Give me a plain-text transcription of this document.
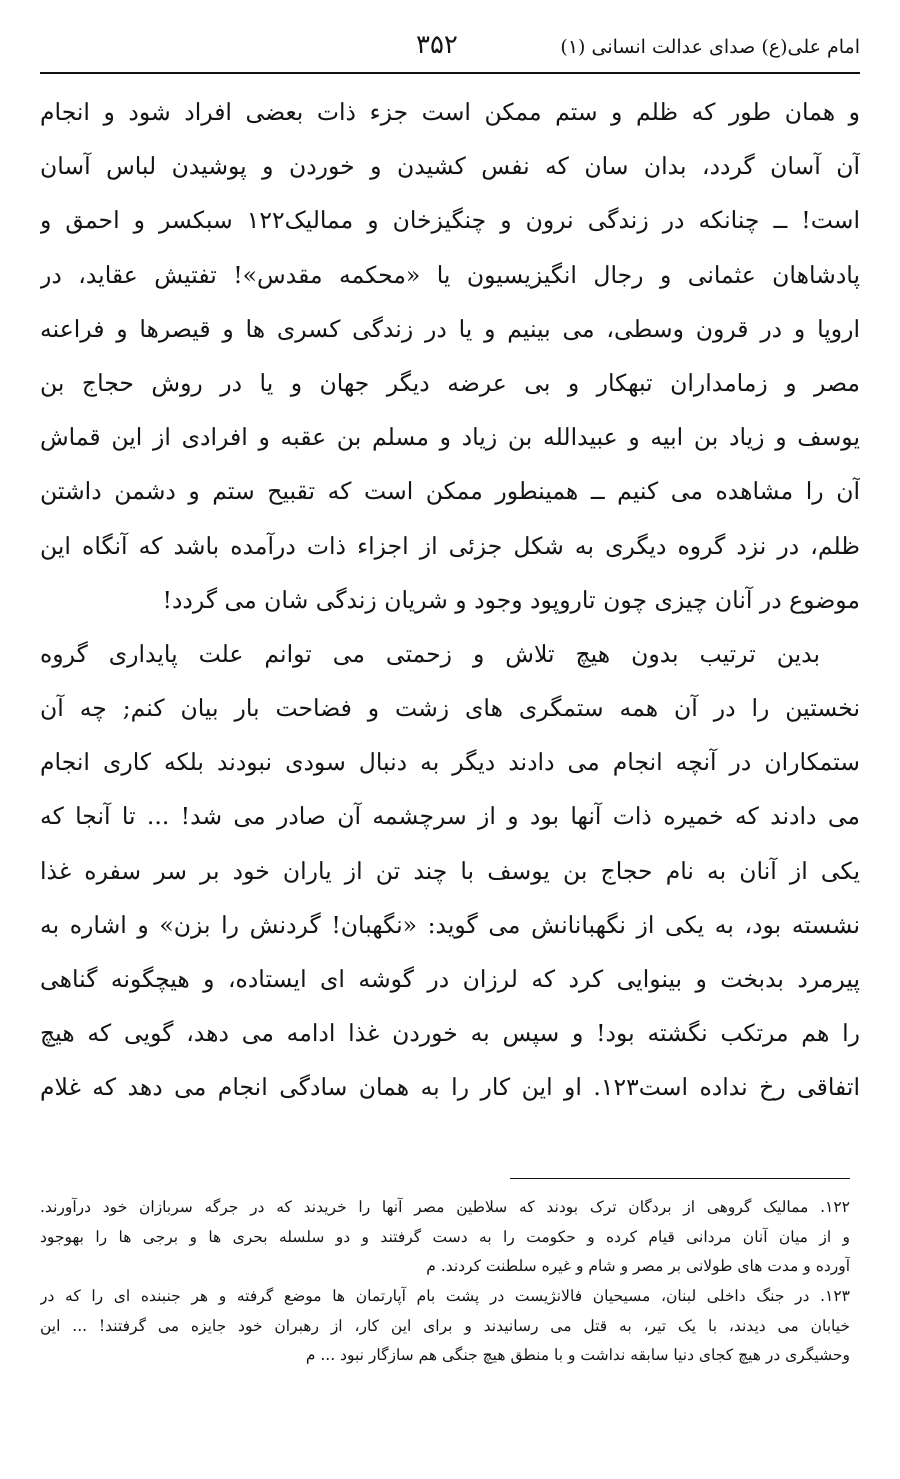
امام علی(ع) صدای عدالت انسانی (۱)
۳۵۲
و همان طور که ظلم و ستم ممکن است جزء ذات بعضی افراد شود و انجام
آن آسان گردد، بدان سان که نفس کشیدن و خوردن و پوشیدن لباس آسان
است! ــ چنانکه در زندگی نرون و چنگیزخان و ممالیک۱۲۲ سبکسر و احمق و
پادشاهان عثمانی و رجال انگیزیسیون یا «محکمه مقدس»! تفتیش عقاید، در
اروپا و در قرون وسطی، می بینیم و یا در زندگی کسری ها و قیصرها و فراعنه
مصر و زمامداران تبهکار و بی عرضه دیگر جهان و یا در روش حجاج بن
یوسف و زیاد بن ابیه و عبیدالله بن زیاد و مسلم بن عقبه و افرادی از این قماش
آن را مشاهده می کنیم ــ همینطور ممکن است که تقبیح ستم و دشمن داشتن
ظلم، در نزد گروه دیگری به شکل جزئی از اجزاء ذات درآمده باشد که آنگاه این
موضوع در آنان چیزی چون تاروپود وجود و شریان زندگی شان می گردد!
بدین ترتیب بدون هیچ تلاش و زحمتی می توانم علت پایداری گروه
نخستین را در آن همه ستمگری های زشت و فضاحت بار بیان کنم; چه آن
ستمکاران در آنچه انجام می دادند دیگر به دنبال سودی نبودند بلکه کاری انجام
می دادند که خمیره ذات آنها بود و از سرچشمه آن صادر می شد! ... تا آنجا که
یکی از آنان به نام حجاج بن یوسف با چند تن از یاران خود بر سر سفره غذا
نشسته بود، به یکی از نگهبانانش می گوید: «نگهبان! گردنش را بزن» و اشاره به
پیرمرد بدبخت و بینوایی کرد که لرزان در گوشه ای ایستاده، و هیچگونه گناهی
را هم مرتکب نگشته بود! و سپس به خوردن غذا ادامه می دهد، گویی که هیچ
اتفاقی رخ نداده است۱۲۳. او این کار را به همان سادگی انجام می دهد که غلام
۱۲۲. ممالیک گروهی از بردگان ترک بودند که سلاطین مصر آنها را خریدند که در جرگه سربازان خود درآورند.
و از میان آنان مردانی قیام کرده و حکومت را به دست گرفتند و دو سلسله بحری ها و برجی ها را بهوجود
آورده و مدت های طولانی بر مصر و شام و غیره سلطنت کردند. م
۱۲۳. در جنگ داخلی لبنان، مسیحیان فالانژیست در پشت بام آپارتمان ها موضع گرفته و هر جنبنده ای را که در
خیابان می دیدند، با یک تیر، به قتل می رسانیدند و برای این کار، از رهبران خود جایزه می گرفتند! ... این
وحشیگری در هیچ کجای دنیا سابقه نداشت و با منطق هیچ جنگی هم سازگار نبود ... م
